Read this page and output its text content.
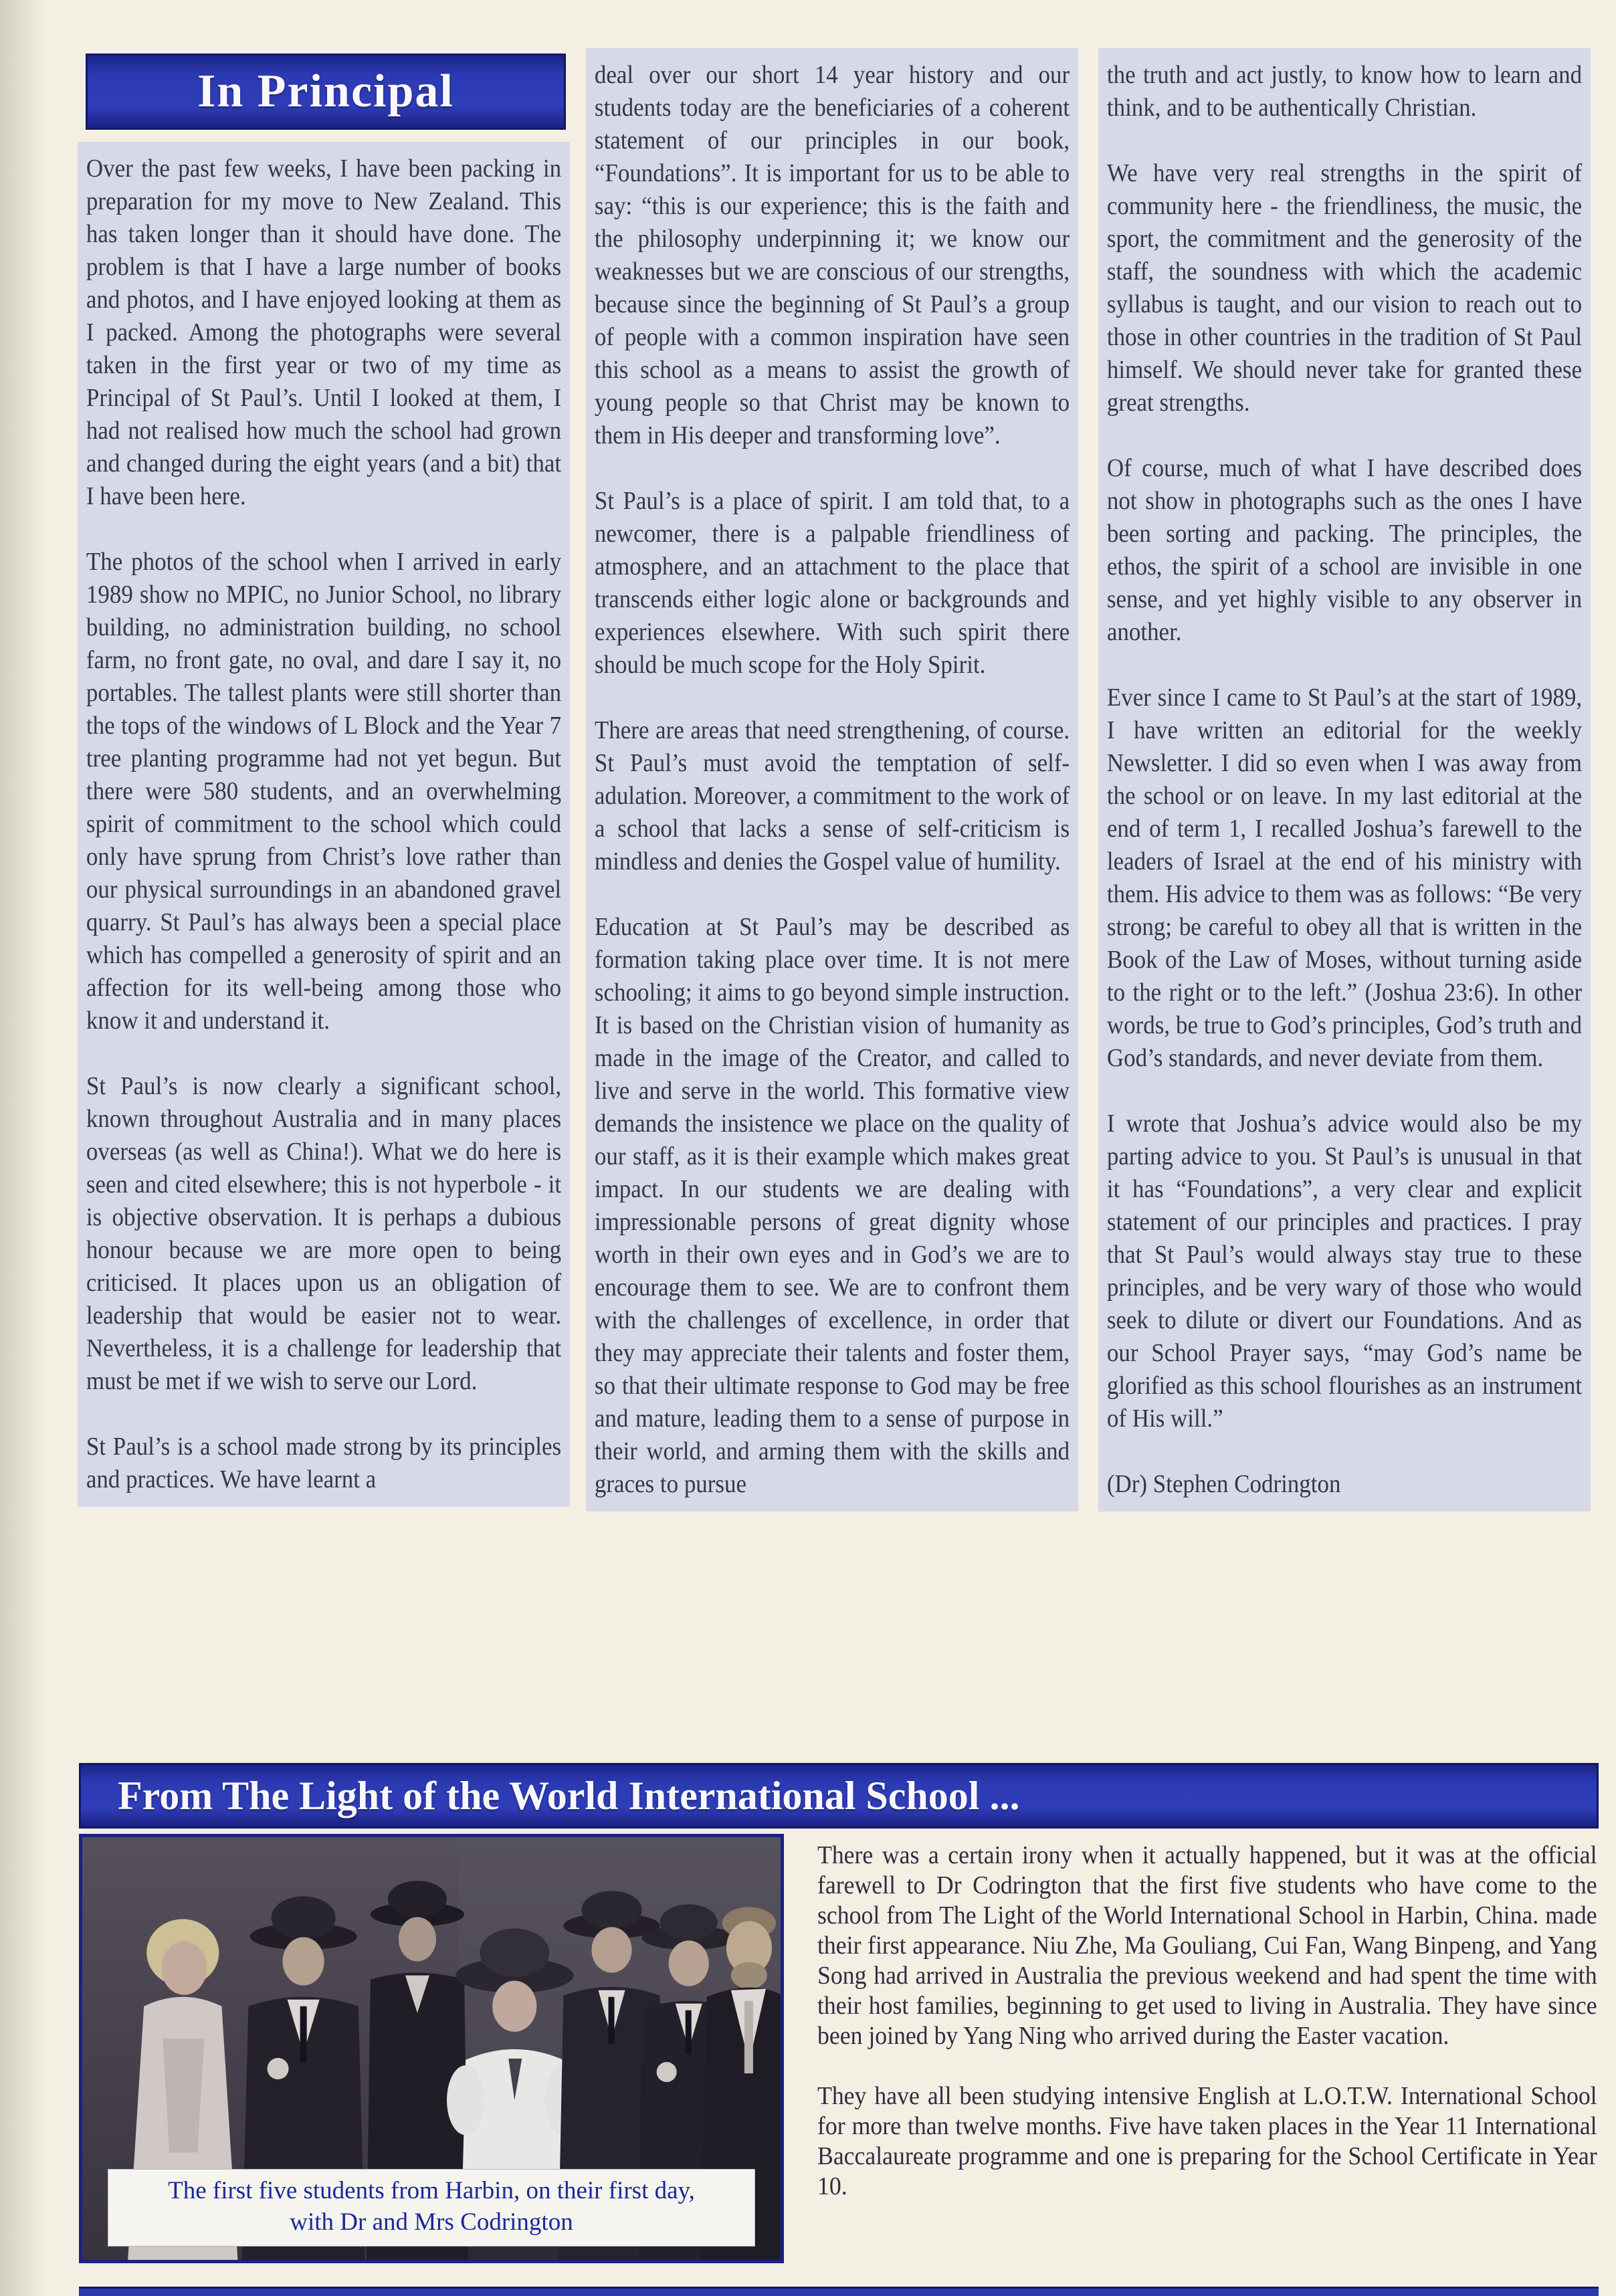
In Principal

Over the past few weeks, I have been packing in preparation for my move to New Zealand. This has taken longer than it should have done. The problem is that I have a large number of books and photos, and I have enjoyed looking at them as I packed. Among the photographs were several taken in the first year or two of my time as Principal of St Paul’s. Until I looked at them, I had not realised how much the school had grown and changed during the eight years (and a bit) that I have been here.

The photos of the school when I arrived in early 1989 show no MPIC, no Junior School, no library building, no administration building, no school farm, no front gate, no oval, and dare I say it, no portables. The tallest plants were still shorter than the tops of the windows of L Block and the Year 7 tree planting programme had not yet begun. But there were 580 students, and an overwhelming spirit of commitment to the school which could only have sprung from Christ’s love rather than our physical surroundings in an abandoned gravel quarry. St Paul’s has always been a special place which has compelled a generosity of spirit and an affection for its well-being among those who know it and understand it.

St Paul’s is now clearly a significant school, known throughout Australia and in many places overseas (as well as China!). What we do here is seen and cited elsewhere; this is not hyperbole - it is objective observation. It is perhaps a dubious honour because we are more open to being criticised. It places upon us an obligation of leadership that would be easier not to wear. Nevertheless, it is a challenge for leadership that must be met if we wish to serve our Lord.

St Paul’s is a school made strong by its principles and practices. We have learnt a

deal over our short 14 year history and our students today are the beneficiaries of a coherent statement of our principles in our book, “Foundations”. It is important for us to be able to say: “this is our experience; this is the faith and the philosophy underpinning it; we know our weaknesses but we are conscious of our strengths, because since the beginning of St Paul’s a group of people with a common inspiration have seen this school as a means to assist the growth of young people so that Christ may be known to them in His deeper and transforming love”.

St Paul’s is a place of spirit. I am told that, to a newcomer, there is a palpable friendliness of atmosphere, and an attachment to the place that transcends either logic alone or backgrounds and experiences elsewhere. With such spirit there should be much scope for the Holy Spirit.

There are areas that need strengthening, of course. St Paul’s must avoid the temptation of self-adulation. Moreover, a commitment to the work of a school that lacks a sense of self-criticism is mindless and denies the Gospel value of humility.

Education at St Paul’s may be described as formation taking place over time. It is not mere schooling; it aims to go beyond simple instruction. It is based on the Christian vision of humanity as made in the image of the Creator, and called to live and serve in the world. This formative view demands the insistence we place on the quality of our staff, as it is their example which makes great impact. In our students we are dealing with impressionable persons of great dignity whose worth in their own eyes and in God’s we are to encourage them to see. We are to confront them with the challenges of excellence, in order that they may appreciate their talents and foster them, so that their ultimate response to God may be free and mature, leading them to a sense of purpose in their world, and arming them with the skills and graces to pursue

the truth and act justly, to know how to learn and think, and to be authentically Christian.

We have very real strengths in the spirit of community here - the friendliness, the music, the sport, the commitment and the generosity of the staff, the soundness with which the academic syllabus is taught, and our vision to reach out to those in other countries in the tradition of St Paul himself. We should never take for granted these great strengths.

Of course, much of what I have described does not show in photographs such as the ones I have been sorting and packing. The principles, the ethos, the spirit of a school are invisible in one sense, and yet highly visible to any observer in another.

Ever since I came to St Paul’s at the start of 1989, I have written an editorial for the weekly Newsletter. I did so even when I was away from the school or on leave. In my last editorial at the end of term 1, I recalled Joshua’s farewell to the leaders of Israel at the end of his ministry with them. His advice to them was as follows: “Be very strong; be careful to obey all that is written in the Book of the Law of Moses, without turning aside to the right or to the left.” (Joshua 23:6). In other words, be true to God’s principles, God’s truth and God’s standards, and never deviate from them.

I wrote that Joshua’s advice would also be my parting advice to you. St Paul’s is unusual in that it has “Foundations”, a very clear and explicit statement of our principles and practices. I pray that St Paul’s would always stay true to these principles, and be very wary of those who would seek to dilute or divert our Foundations. And as our School Prayer says, “may God’s name be glorified as this school flourishes as an instrument of His will.”

(Dr) Stephen Codrington

From The Light of the World International School ...
The first five students from Harbin, on their first day,
with Dr and Mrs Codrington

There was a certain irony when it actually happened, but it was at the official farewell to Dr Codrington that the first five students who have come to the school from The Light of the World International School in Harbin, China. made their first appearance. Niu Zhe, Ma Gouliang, Cui Fan, Wang Binpeng, and Yang Song had arrived in Australia the previous weekend and had spent the time with their host families, beginning to get used to living in Australia. They have since been joined by Yang Ning who arrived during the Easter vacation.

They have all been studying intensive English at L.O.T.W. International School for more than twelve months. Five have taken places in the Year 11 International Baccalaureate programme and one is preparing for the School Certificate in Year 10.
